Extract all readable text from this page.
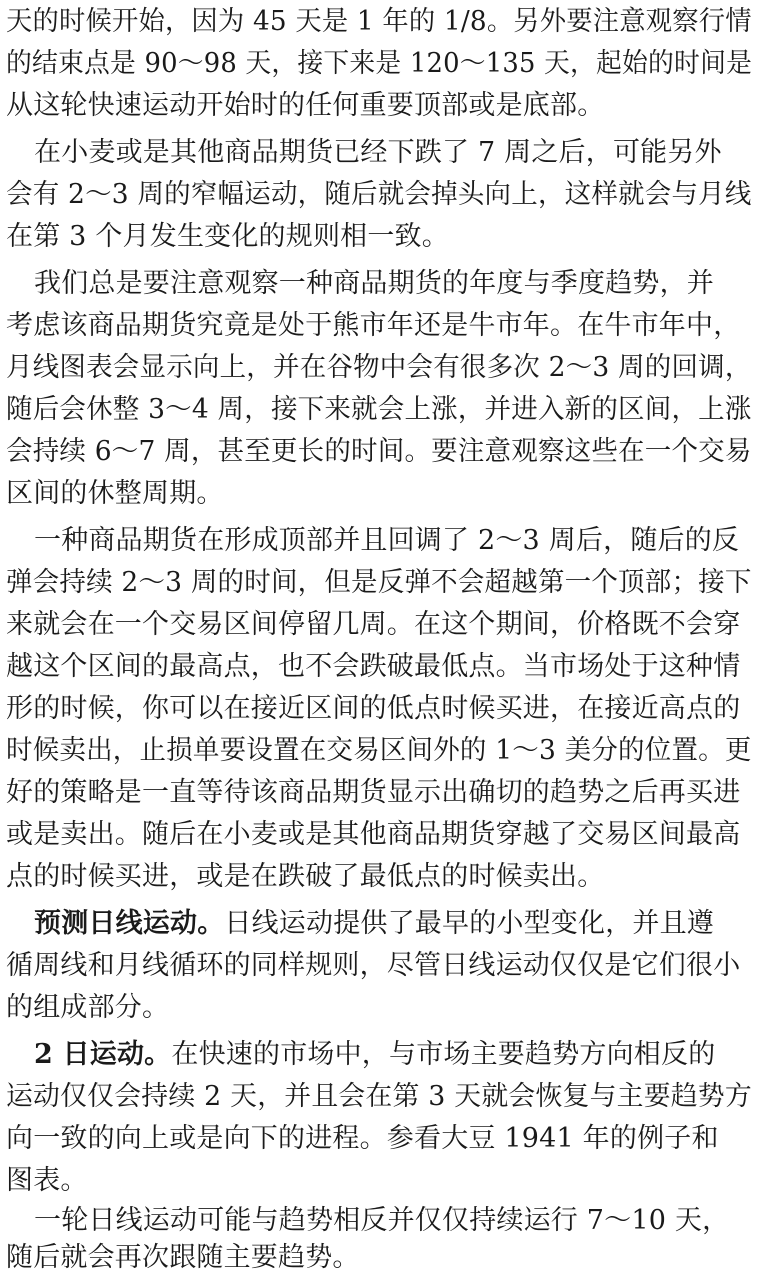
天的时候开始，因为 45 天是 1 年的 1/8。另外要注意观察行情
的结束点是 90～98 天，接下来是 120～135 天，起始的时间是
从这轮快速运动开始时的任何重要顶部或是底部。
在小麦或是其他商品期货已经下跌了 7 周之后，可能另外
会有 2～3 周的窄幅运动，随后就会掉头向上，这样就会与月线
在第 3 个月发生变化的规则相一致。
我们总是要注意观察一种商品期货的年度与季度趋势，并
考虑该商品期货究竟是处于熊市年还是牛市年。在牛市年中，
月线图表会显示向上，并在谷物中会有很多次 2～3 周的回调，
随后会休整 3～4 周，接下来就会上涨，并进入新的区间，上涨
会持续 6～7 周，甚至更长的时间。要注意观察这些在一个交易
区间的休整周期。
一种商品期货在形成顶部并且回调了 2～3 周后，随后的反
弹会持续 2～3 周的时间，但是反弹不会超越第一个顶部；接下
来就会在一个交易区间停留几周。在这个期间，价格既不会穿
越这个区间的最高点，也不会跌破最低点。当市场处于这种情
形的时候，你可以在接近区间的低点时候买进，在接近高点的
时候卖出，止损单要设置在交易区间外的 1～3 美分的位置。更
好的策略是一直等待该商品期货显示出确切的趋势之后再买进
或是卖出。随后在小麦或是其他商品期货穿越了交易区间最高
点的时候买进，或是在跌破了最低点的时候卖出。
预测日线运动。日线运动提供了最早的小型变化，并且遵
循周线和月线循环的同样规则，尽管日线运动仅仅是它们很小
的组成部分。
2 日运动。在快速的市场中，与市场主要趋势方向相反的
运动仅仅会持续 2 天，并且会在第 3 天就会恢复与主要趋势方
向一致的向上或是向下的进程。参看大豆 1941 年的例子和
图表。
一轮日线运动可能与趋势相反并仅仅持续运行 7～10 天，
随后就会再次跟随主要趋势。
